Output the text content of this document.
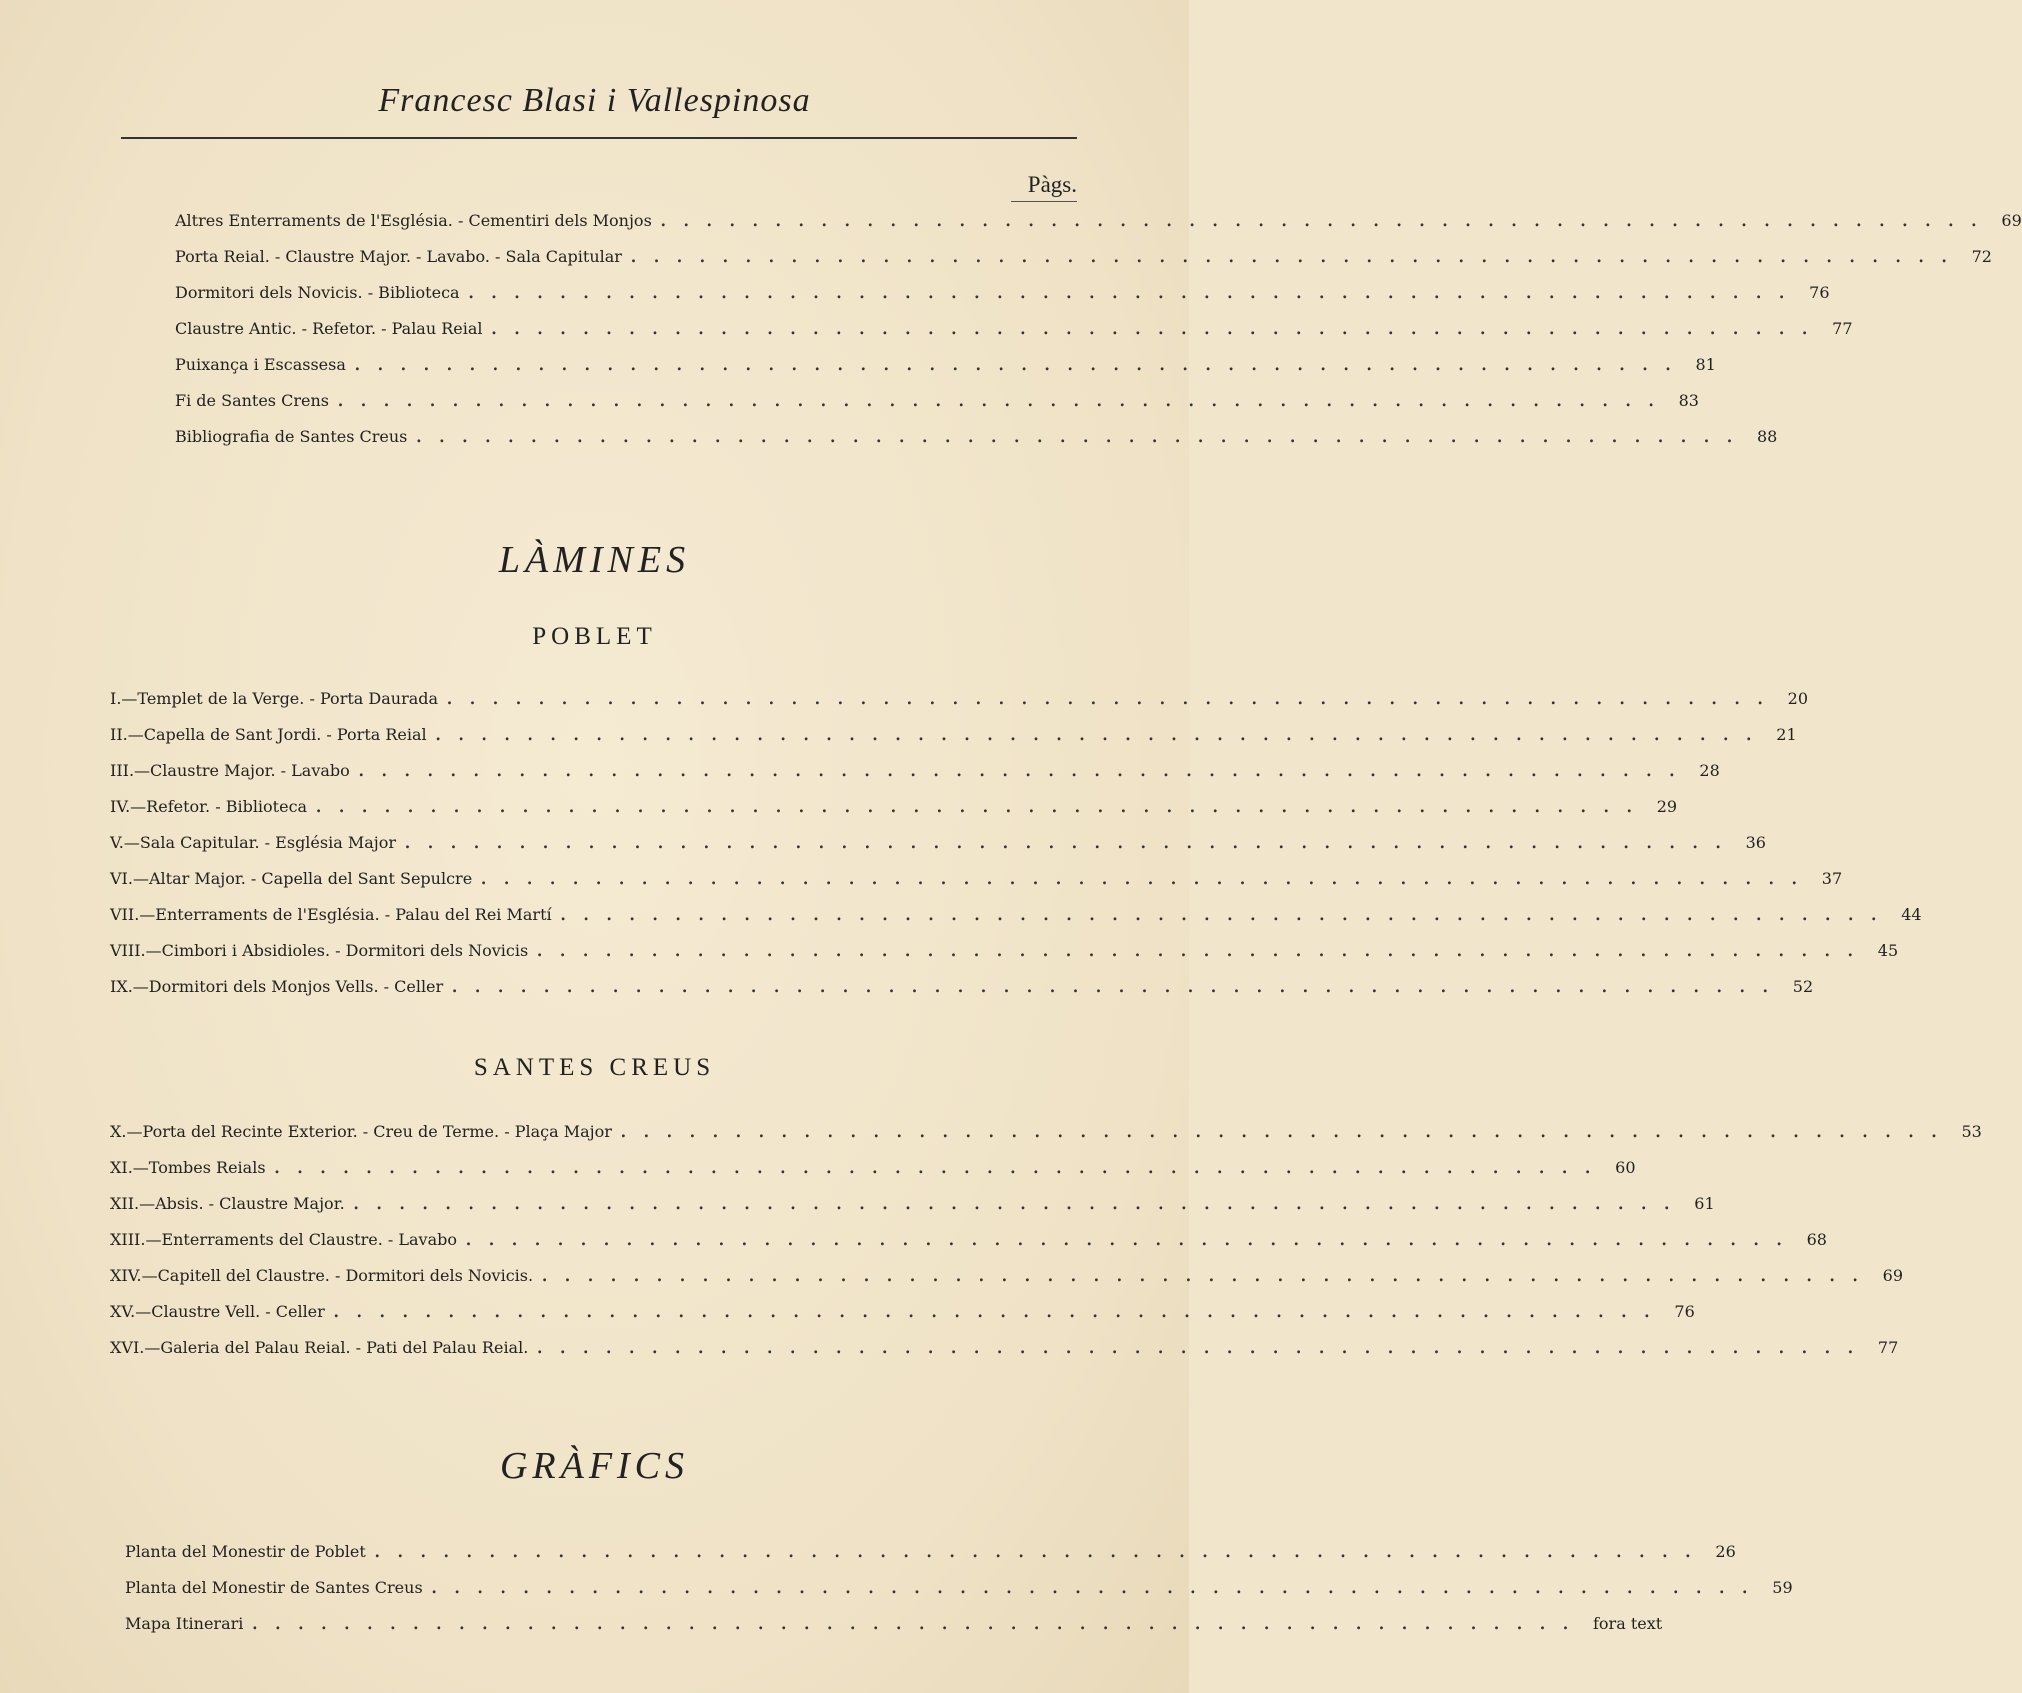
Francesc Blasi i Vallespinosa
Pàgs.
Altres Enterraments de l'Església. - Cementiri dels Monjos .......................................................... 69
Porta Reial. - Claustre Major. - Lavabo. - Sala Capitular .......................................................... 72
Dormitori dels Novicis. - Biblioteca .......................................................... 76
Claustre Antic. - Refetor. - Palau Reial .......................................................... 77
Puixança i Escassesa .......................................................... 81
Fi de Santes Crens .......................................................... 83
Bibliografia de Santes Creus .......................................................... 88
LÀMINES
POBLET
I. — Templet de la Verge. - Porta Daurada .......................................................... 20
II. — Capella de Sant Jordi. - Porta Reial .......................................................... 21
III. — Claustre Major. - Lavabo .......................................................... 28
IV. — Refetor. - Biblioteca .......................................................... 29
V. — Sala Capitular. - Església Major .......................................................... 36
VI. — Altar Major. - Capella del Sant Sepulcre .......................................................... 37
VII. — Enterraments de l'Església. - Palau del Rei Martí .......................................................... 44
VIII. — Cimbori i Absidioles. - Dormitori dels Novicis .......................................................... 45
IX. — Dormitori dels Monjos Vells. - Celler .......................................................... 52
SANTES CREUS
X. — Porta del Recinte Exterior. - Creu de Terme. - Plaça Major .......................................................... 53
XI. — Tombes Reials .......................................................... 60
XII. — Absis. - Claustre Major. .......................................................... 61
XIII. — Enterraments del Claustre. - Lavabo .......................................................... 68
XIV. — Capitell del Claustre. - Dormitori dels Novicis. .......................................................... 69
XV. — Claustre Vell. - Celler .......................................................... 76
XVI. — Galeria del Palau Reial. - Pati del Palau Reial. .......................................................... 77
GRÀFICS
Planta del Monestir de Poblet .......................................................... 26
Planta del Monestir de Santes Creus .......................................................... 59
Mapa Itinerari .......................................................... fora text
